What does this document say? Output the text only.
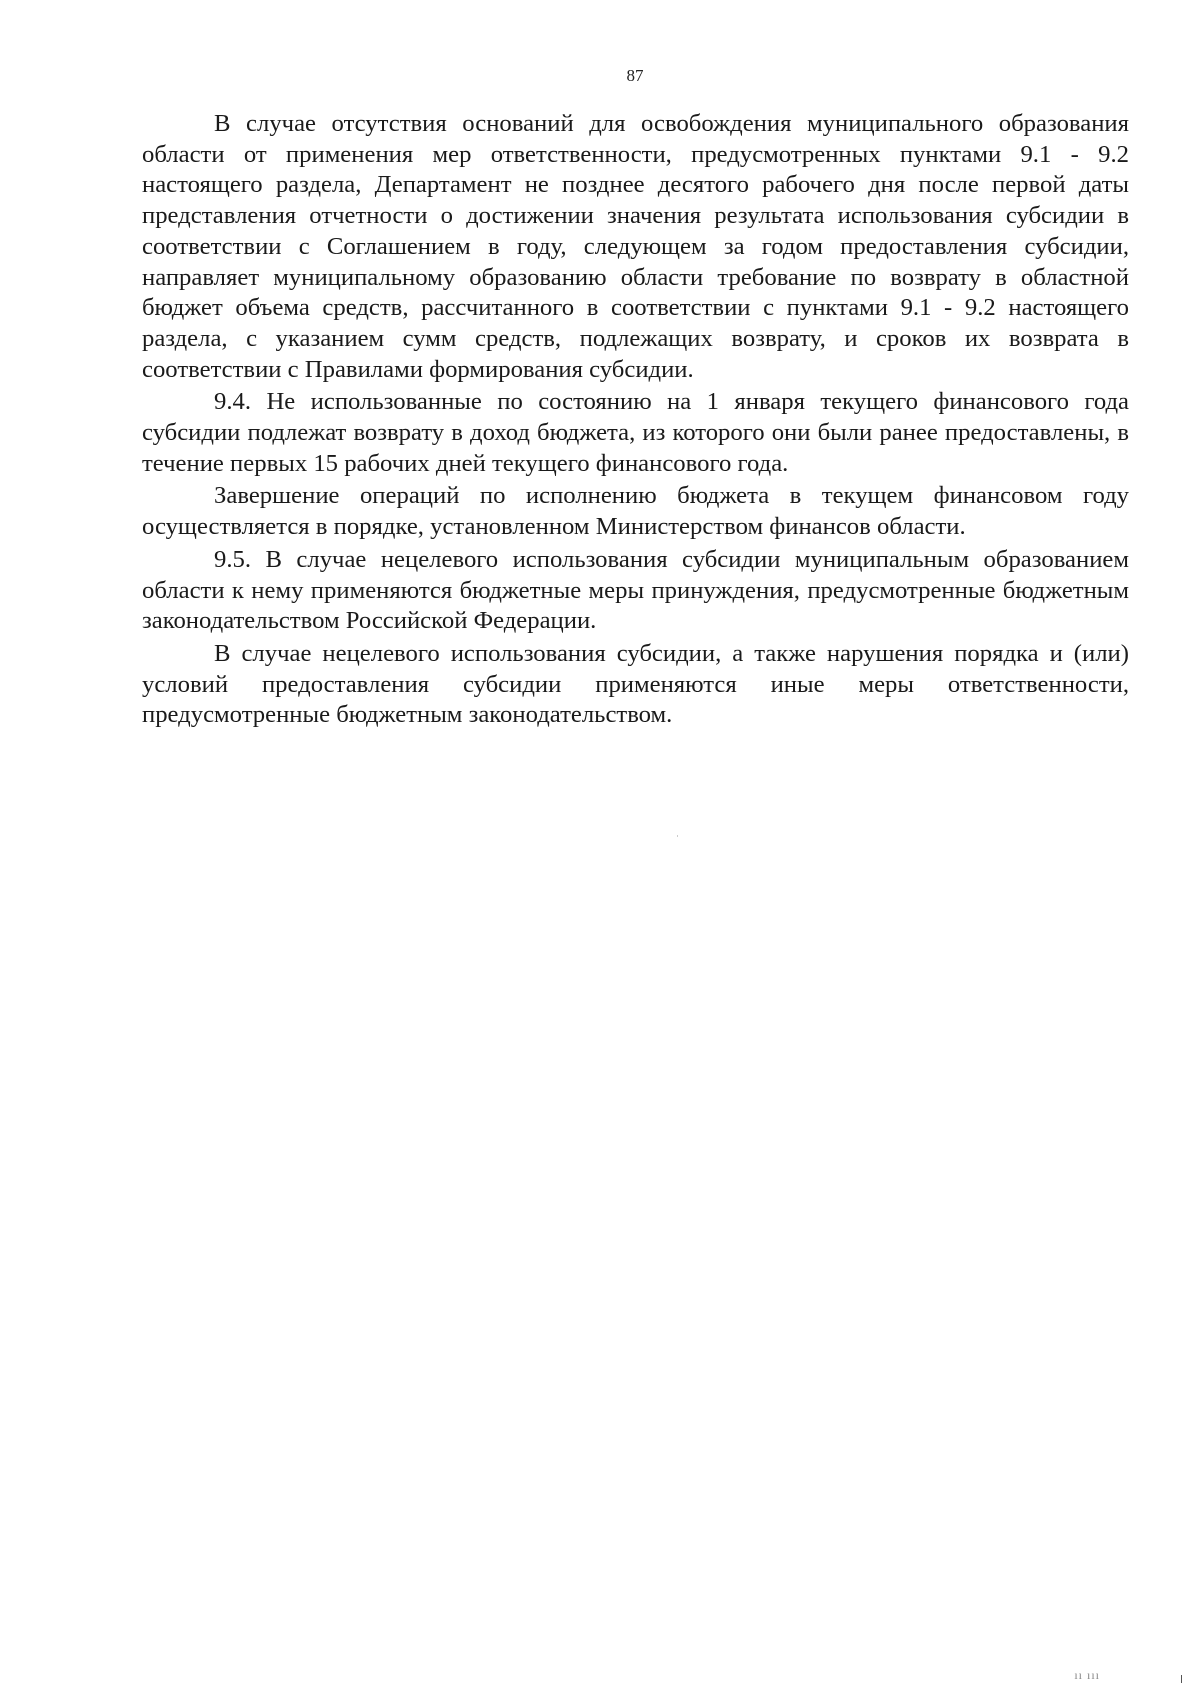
87

В случае отсутствия оснований для освобождения муниципального образования области от применения мер ответственности, предусмотренных пунктами 9.1 - 9.2 настоящего раздела, Департамент не позднее десятого рабочего дня после первой даты представления отчетности о достижении значения результата использования субсидии в соответствии с Соглашением в году, следующем за годом предоставления субсидии, направляет муниципальному образованию области требование по возврату в областной бюджет объема средств, рассчитанного в соответствии с пунктами 9.1 - 9.2 настоящего раздела, с указанием сумм средств, подлежащих возврату, и сроков их возврата в соответствии с Правилами формирования субсидии.

9.4. Не использованные по состоянию на 1 января текущего финансового года субсидии подлежат возврату в доход бюджета, из которого они были ранее предоставлены, в течение первых 15 рабочих дней текущего финансового года.

Завершение операций по исполнению бюджета в текущем финансовом году осуществляется в порядке, установленном Министерством финансов области.

9.5. В случае нецелевого использования субсидии муниципальным образованием области к нему применяются бюджетные меры принуждения, предусмотренные бюджетным законодательством Российской Федерации.

В случае нецелевого использования субсидии, а также нарушения порядка и (или) условий предоставления субсидии применяются иные меры ответственности, предусмотренные бюджетным законодательством.

ıı ııı
